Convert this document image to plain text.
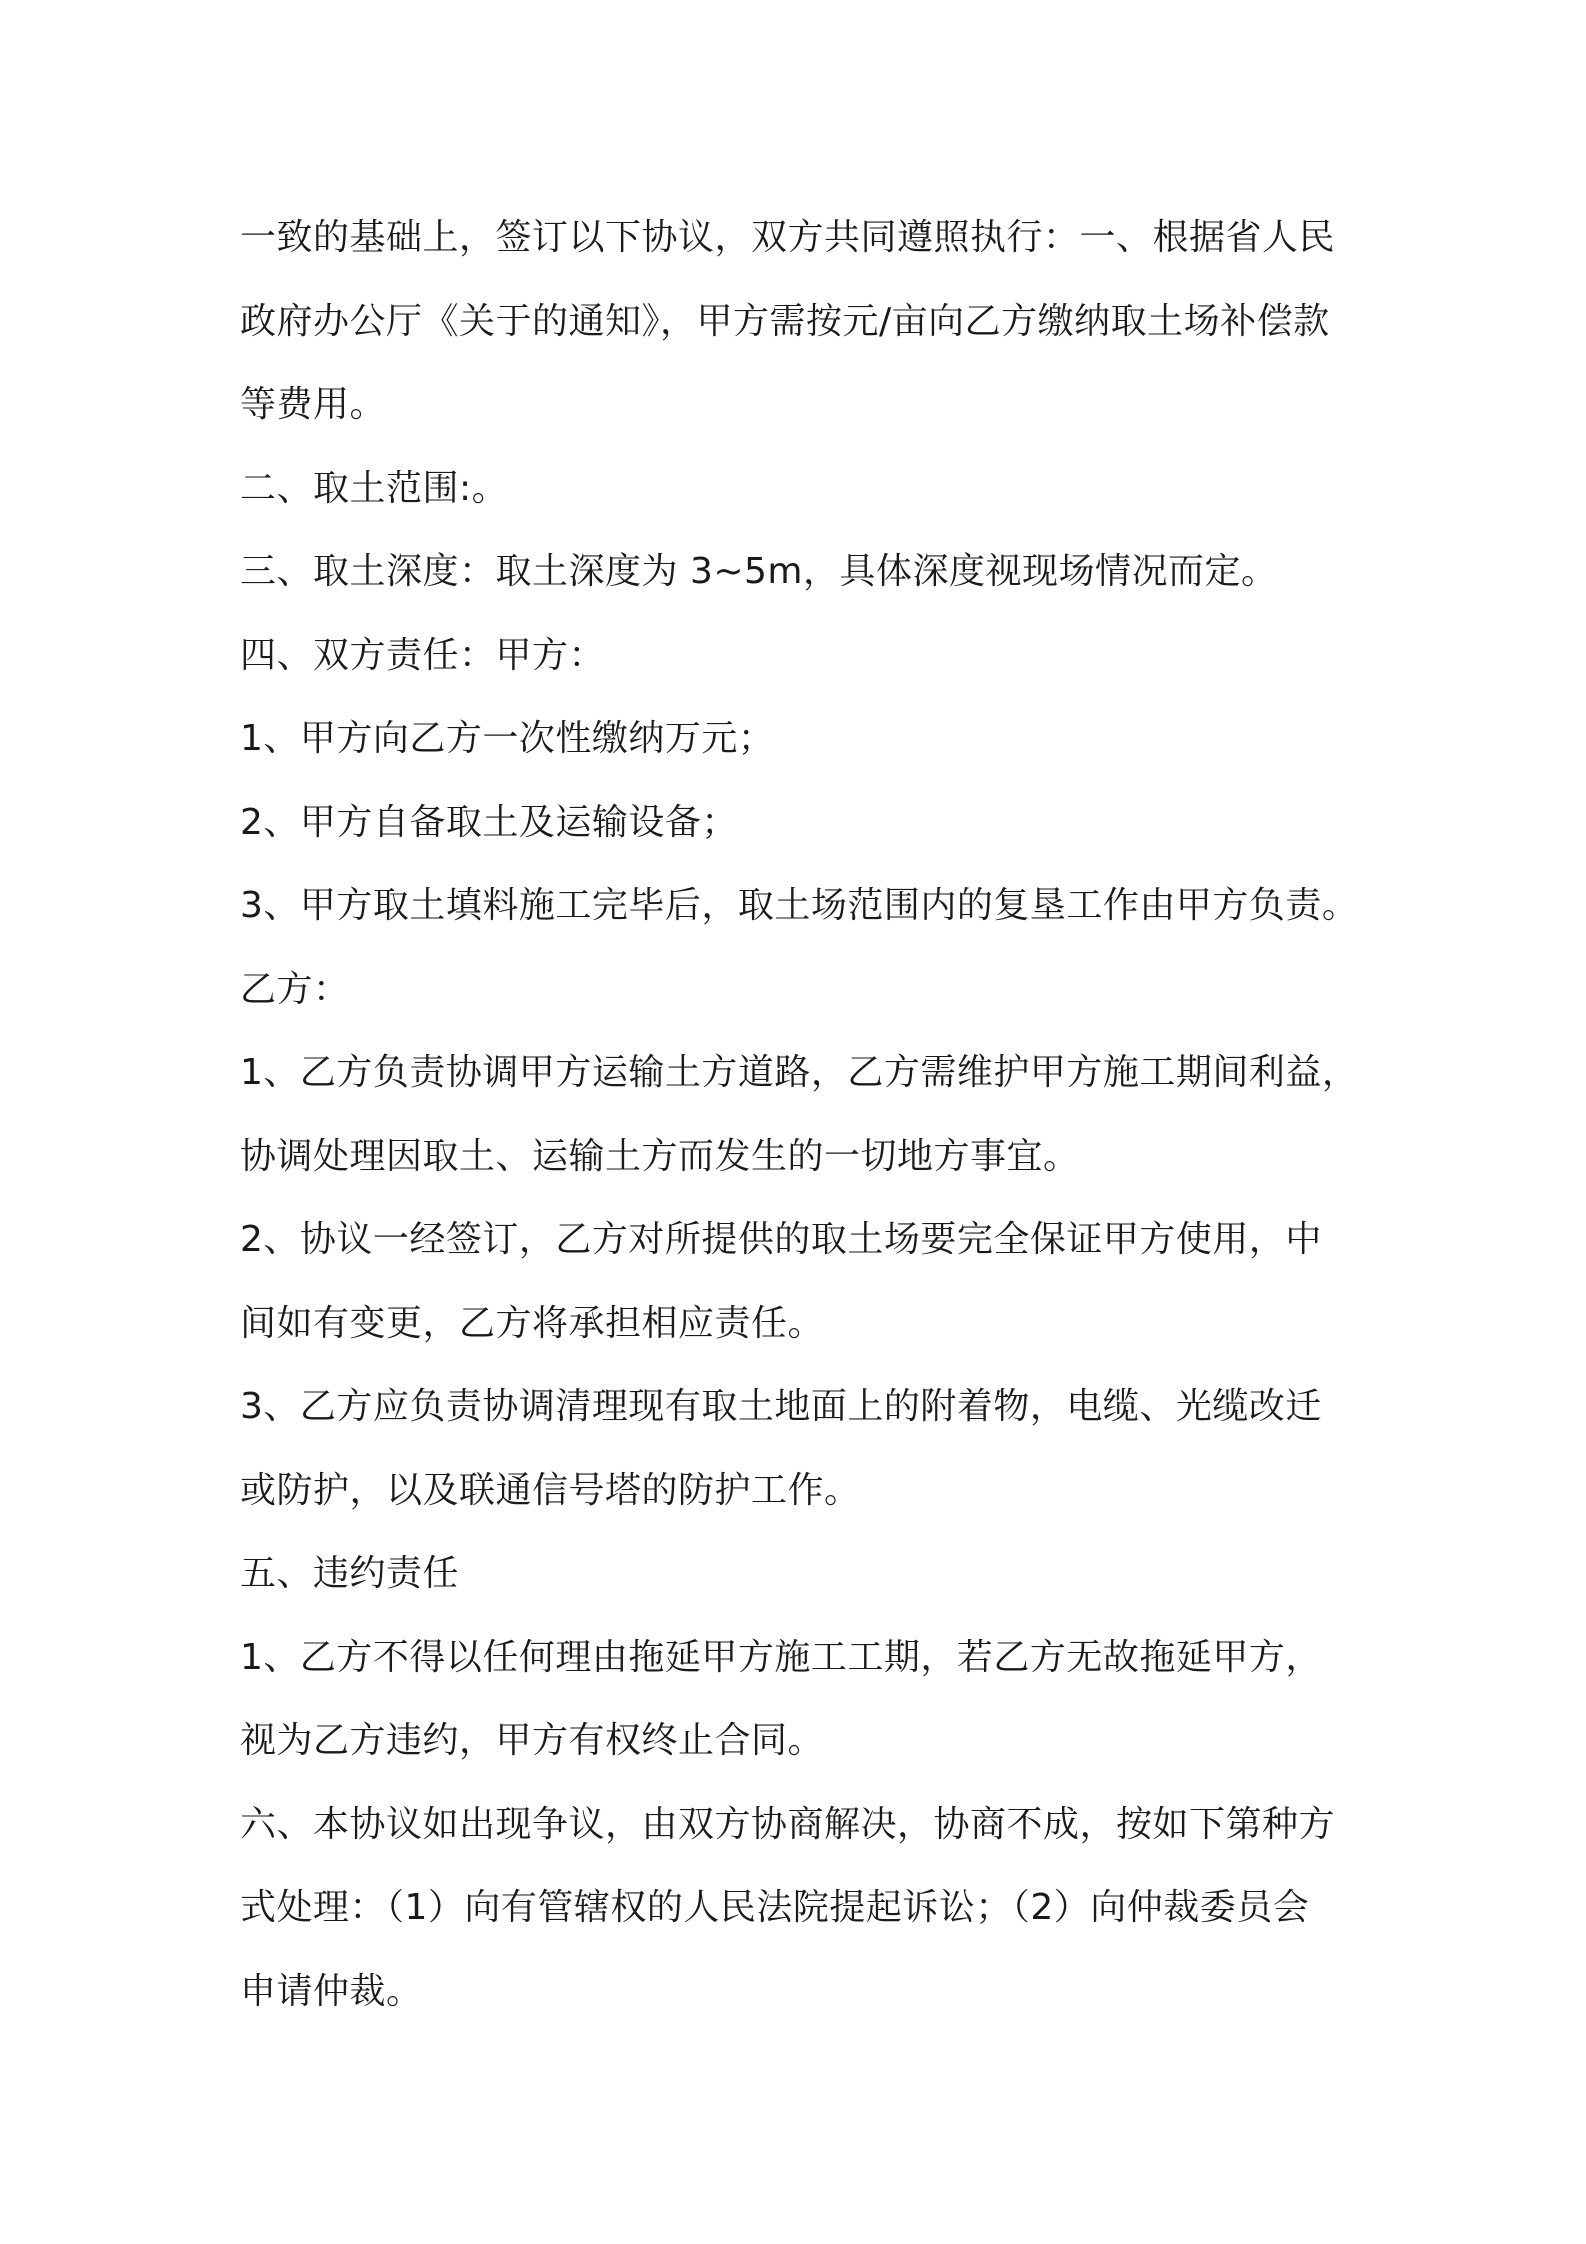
一致的基础上，签订以下协议，双方共同遵照执行：一、根据省人民

政府办公厅《关于的通知》，甲方需按元/亩向乙方缴纳取土场补偿款

等费用。

二、取土范围:。

三、取土深度：取土深度为 3~5m，具体深度视现场情况而定。

四、双方责任：甲方：

1、甲方向乙方一次性缴纳万元；

2、甲方自备取土及运输设备；

3、甲方取土填料施工完毕后，取土场范围内的复垦工作由甲方负责。

乙方：

1、乙方负责协调甲方运输土方道路，乙方需维护甲方施工期间利益，

协调处理因取土、运输土方而发生的一切地方事宜。

2、协议一经签订，乙方对所提供的取土场要完全保证甲方使用，中

间如有变更，乙方将承担相应责任。

3、乙方应负责协调清理现有取土地面上的附着物，电缆、光缆改迁

或防护，以及联通信号塔的防护工作。

五、违约责任

1、乙方不得以任何理由拖延甲方施工工期，若乙方无故拖延甲方，

视为乙方违约，甲方有权终止合同。

六、本协议如出现争议，由双方协商解决，协商不成，按如下第种方

式处理：（1）向有管辖权的人民法院提起诉讼；（2）向仲裁委员会

申请仲裁。
